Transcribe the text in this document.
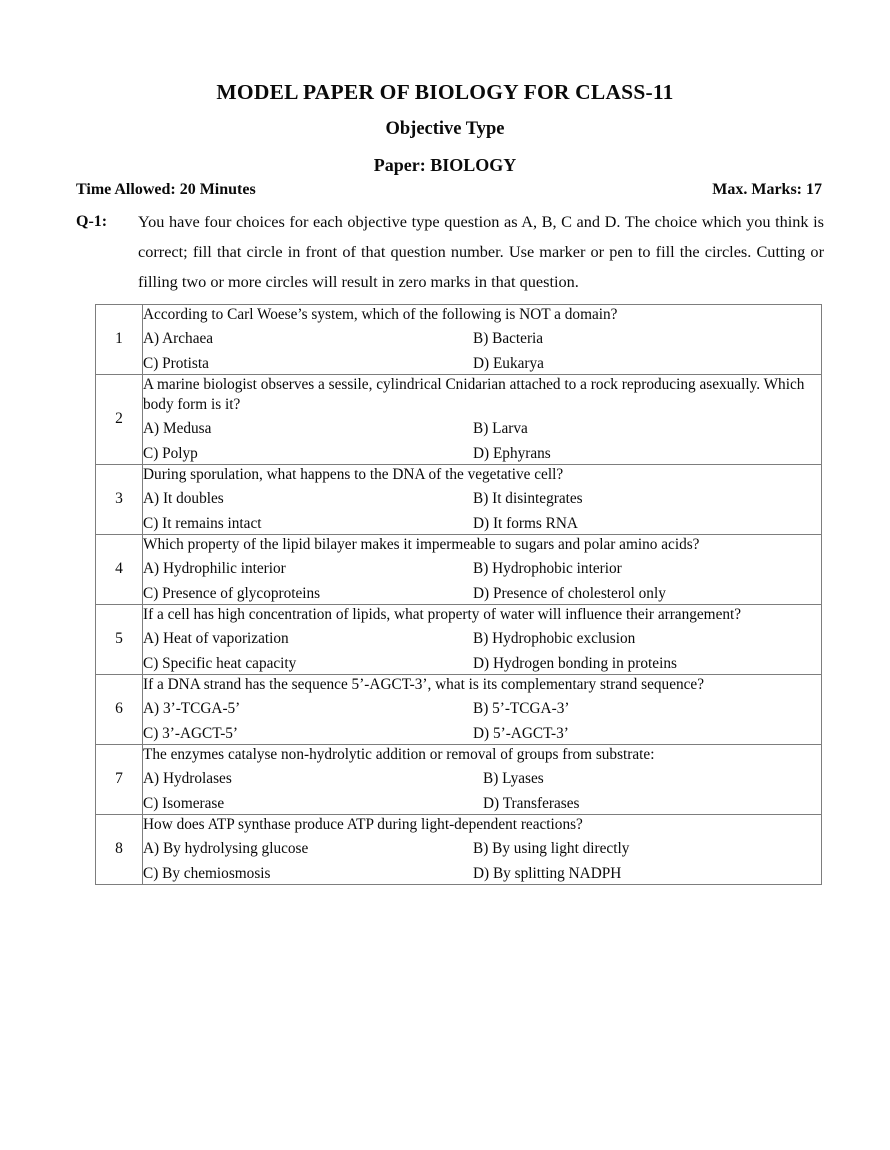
MODEL PAPER OF BIOLOGY FOR CLASS-11
Objective Type
Paper: BIOLOGY
Time Allowed: 20 Minutes	Max. Marks: 17
Q-1:	You have four choices for each objective type question as A, B, C and D. The choice which you think is correct; fill that circle in front of that question number. Use marker or pen to fill the circles. Cutting or filling two or more circles will result in zero marks in that question.
1	According to Carl Woese’s system, which of the following is NOT a domain?

A) Archaea B) Bacteria
C) Protista D) Eukarya

2	A marine biologist observes a sessile, cylindrical Cnidarian attached to a rock reproducing asexually. Which body form is it?

A) Medusa B) Larva
C) Polyp D) Ephyrans

3	During sporulation, what happens to the DNA of the vegetative cell?

A) It doubles B) It disintegrates
C) It remains intact D) It forms RNA

4	Which property of the lipid bilayer makes it impermeable to sugars and polar amino acids?

A) Hydrophilic interior B) Hydrophobic interior
C) Presence of glycoproteins D) Presence of cholesterol only

5	If a cell has high concentration of lipids, what property of water will influence their arrangement?

A) Heat of vaporization B) Hydrophobic exclusion
C) Specific heat capacity D) Hydrogen bonding in proteins

6	If a DNA strand has the sequence 5’-AGCT-3’, what is its complementary strand sequence?

A) 3’-TCGA-5’ B) 5’-TCGA-3’
C) 3’-AGCT-5’ D) 5’-AGCT-3’

7	The enzymes catalyse non-hydrolytic addition or removal of groups from substrate:

A) Hydrolases B) Lyases
C) Isomerase D) Transferases

8	How does ATP synthase produce ATP during light-dependent reactions?

A) By hydrolysing glucose B) By using light directly
C) By chemiosmosis D) By splitting NADPH
